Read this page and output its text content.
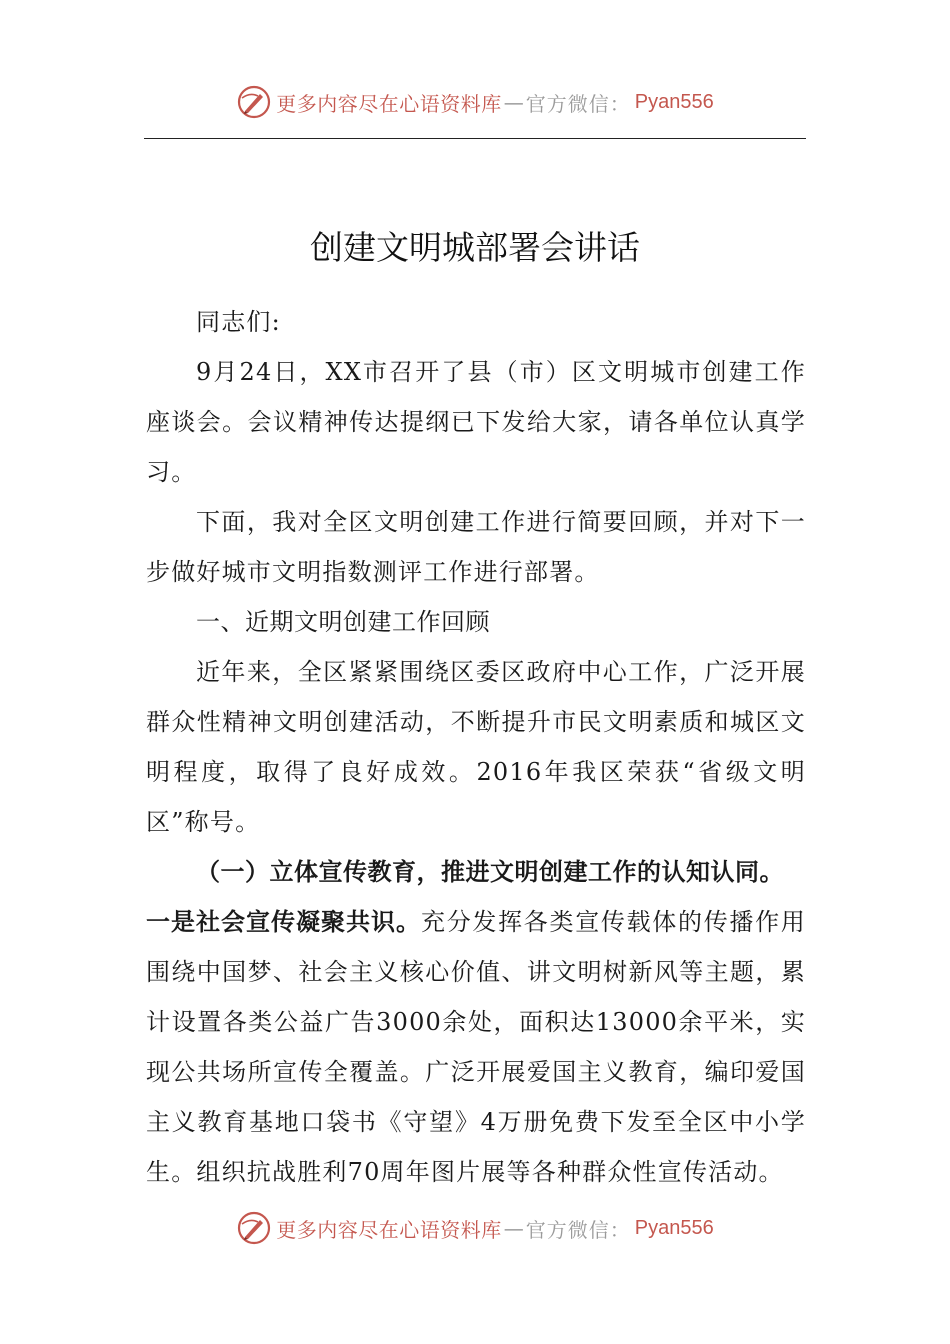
更多内容尽在心语资料库 — 官方微信： Pyan556
创建文明城部署会讲话

同志们:

9月24日，XX市召开了县（市）区文明城市创建工作座谈会。会议精神传达提纲已下发给大家，请各单位认真学习。

下面，我对全区文明创建工作进行简要回顾，并对下一步做好城市文明指数测评工作进行部署。

一、近期文明创建工作回顾

近年来，全区紧紧围绕区委区政府中心工作，广泛开展群众性精神文明创建活动，不断提升市民文明素质和城区文明程度，取得了良好成效。2016年我区荣获“省级文明区”称号。

（一）立体宣传教育，推进文明创建工作的认知认同。

一是社会宣传凝聚共识。充分发挥各类宣传载体的传播作用围绕中国梦、社会主义核心价值、讲文明树新风等主题，累计设置各类公益广告3000余处，面积达13000余平米，实现公共场所宣传全覆盖。广泛开展爱国主义教育，编印爱国主义教育基地口袋书《守望》4万册免费下发至全区中小学生。组织抗战胜利70周年图片展等各种群众性宣传活动。

更多内容尽在心语资料库 — 官方微信： Pyan556
